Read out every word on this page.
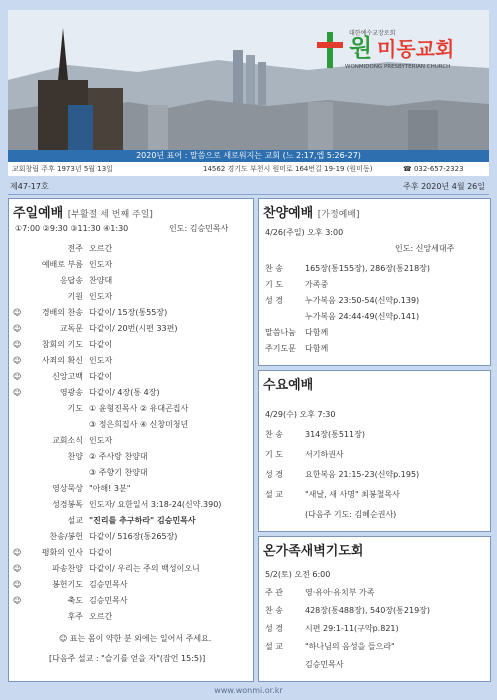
대한예수교장로회
원 미동교회
WONMIDONG PRESBYTERIAN CHURCH
2020년 표어 : 말씀으로 새로워지는 교회 (느 2:17,엡 5:26-27)
교회창립 주후 1973년 5월 13일	14562 경기도 부천시 원미로 164번길 19-19 (원미동)	☎ 032-657-2323
제47-17호	주후 2020년 4월 26일
주일예배 [부활절 세 번째 주일]
①7:00 ②9:30 ③11:30 ④1:30	인도: 김승민목사
전주 오르간
예배로 부름 인도자
응답송 찬양대
기원 인도자
☺	경배의 찬송 다같이/ 15장(통55장)
☺	교독문 다같이/ 20번(시편 33편)
☺	참회의 기도 다같이
☺	사죄의 확신 인도자
☺	신앙고백 다같이
☺	영광송 다같이/ 4장(통 4장)
기도 ① 윤형진목사 ② 유대곤집사
③ 정은희집사 ④ 신창미청년
교회소식 인도자
찬양 ② 주사랑 찬양대
③ 주향기 찬양대
영상묵상 "아해! 3분"
성경봉독 인도자/ 요한일서 3:18-24(신약.390)
설교 "진리를 추구하라" 김승민목사
찬송/봉헌 다같이/ 516장(통265장)
☺	평화의 인사 다같이
☺	파송찬양 다같이/ 우리는 주의 백성이오니
☺	봉헌기도 김승민목사
☺	축도 김승민목사
후주 오르간
☺ 표는 몸이 약한 분 외에는 일어서 주세요.
[다음주 설교 : "슬기를 얻을 자"(잠언 15:5)]
찬양예배 [가정예배]
4/26(주일) 오후 3:00
인도: 신앙세대주
찬 송	165장(통155장), 286장(통218장)
기 도	가족중
성 경	누가복음 23:50-54(신약p.139)
누가복음 24:44-49(신약p.141)
말씀나눔 다함께
주기도문 다함께
수요예배
4/29(수) 오후 7:30
찬 송	314장(통511장)
기 도	서기하권사
성 경	요한복음 21:15-23(신약p.195)
설 교	"새날, 새 사명" 최봉철목사
(다음주 기도: 김혜순권사)
온가족새벽기도회
5/2(토) 오전 6:00
주 관	영·유아·유치부 가족
찬 송	428장(통488장), 540장(통219장)
성 경	시편 29:1-11(구약p.821)
설 교	"하나님의 음성을 들으라"
김승민목사
www.wonmi.or.kr
